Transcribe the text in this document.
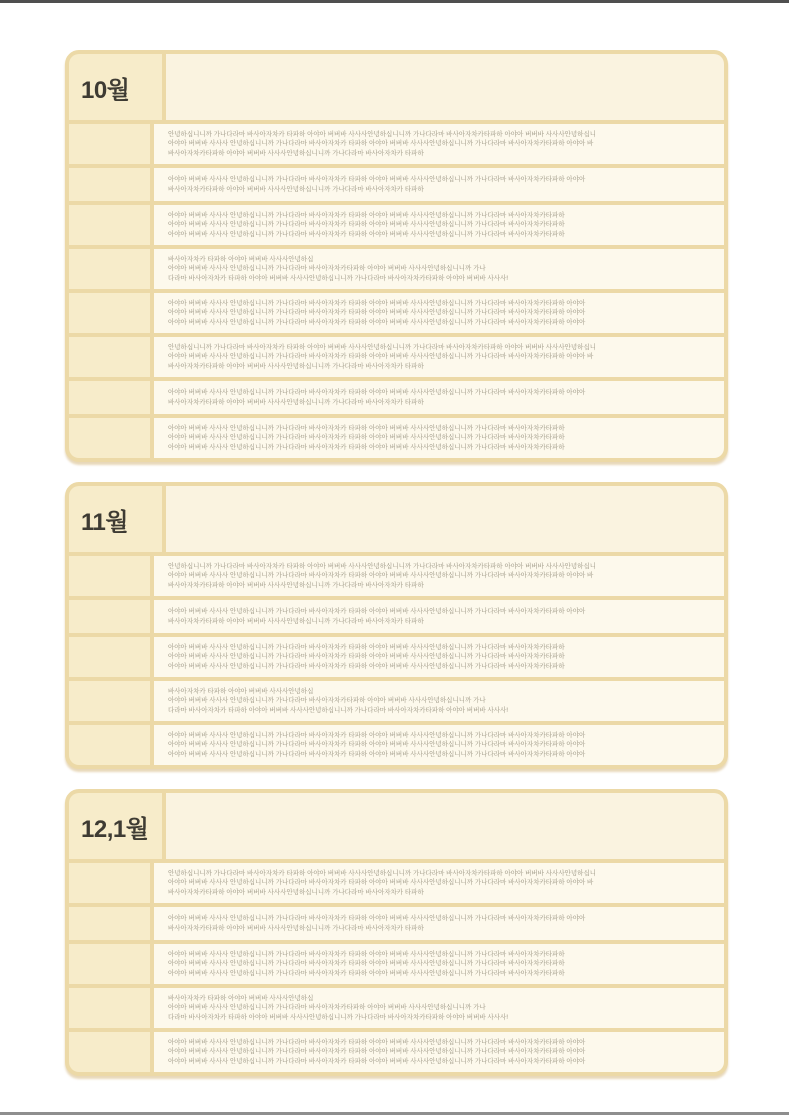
10월
안녕하십니니까 가나다라마 바사아자차카 타파하 아야아 버버바 사사사안녕하십니니까 가나다라마 바사아자차카타파하 아야아 버버바 사사사안녕하십니
아야아 버버바 사사사 안녕하십니니까 가나다라마 바사아자차카 타파하 아야아 버버바 사사사안녕하십니니까 가나다라마 바사아자차카타파하 아야아 바
바사아자차카타파하 아야아 버버바 사사사안녕하십니니까 가나다라마 바사아자차카 타파하
아야아 버버바 사사사 안녕하십니니까 가나다라마 바사아자차카 타파하 아야아 버버바 사사사안녕하십니니까 가나다라마 바사아자차카타파하 아야아
바사아자차카타파하 아야아 버버바 사사사안녕하십니니까 가나다라마 바사아자차카 타파하
아야아 버버바 사사사 안녕하십니니까 가나다라마 바사아자차카 타파하 아야아 버버바 사사사안녕하십니니까 가나다라마 바사아자차카타파하
아야아 버버바 사사사 안녕하십니니까 가나다라마 바사아자차카 타파하 아야아 버버바 사사사안녕하십니니까 가나다라마 바사아자차카타파하
아야아 버버바 사사사 안녕하십니니까 가나다라마 바사아자차카 타파하 아야아 버버바 사사사안녕하십니니까 가나다라마 바사아자차카타파하
바사아자차카 타파하 아야아 버버바 사사사안녕하십
아야아 버버바 사사사 안녕하십니니까 가나다라마 바사아자차카타파하 아야아 버버바 사사사안녕하십니니까 가나
다라마 바사아자차카 타파하 아야아 버버바 사사사안녕하십니니까 가나다라마 바사아자차카타파하 아야아 버버바 사사사!
아야아 버버바 사사사 안녕하십니니까 가나다라마 바사아자차카 타파하 아야아 버버바 사사사안녕하십니니까 가나다라마 바사아자차카타파하 아야아
아야아 버버바 사사사 안녕하십니니까 가나다라마 바사아자차카 타파하 아야아 버버바 사사사안녕하십니니까 가나다라마 바사아자차카타파하 아야아
아야아 버버바 사사사 안녕하십니니까 가나다라마 바사아자차카 타파하 아야아 버버바 사사사안녕하십니니까 가나다라마 바사아자차카타파하 아야아
안녕하십니니까 가나다라마 바사아자차카 타파하 아야아 버버바 사사사안녕하십니니까 가나다라마 바사아자차카타파하 아야아 버버바 사사사안녕하십니
아야아 버버바 사사사 안녕하십니니까 가나다라마 바사아자차카 타파하 아야아 버버바 사사사안녕하십니니까 가나다라마 바사아자차카타파하 아야아 바
바사아자차카타파하 아야아 버버바 사사사안녕하십니니까 가나다라마 바사아자차카 타파하
아야아 버버바 사사사 안녕하십니니까 가나다라마 바사아자차카 타파하 아야아 버버바 사사사안녕하십니니까 가나다라마 바사아자차카타파하 아야아
바사아자차카타파하 아야아 버버바 사사사안녕하십니니까 가나다라마 바사아자차카 타파하
아야아 버버바 사사사 안녕하십니니까 가나다라마 바사아자차카 타파하 아야아 버버바 사사사안녕하십니니까 가나다라마 바사아자차카타파하
아야아 버버바 사사사 안녕하십니니까 가나다라마 바사아자차카 타파하 아야아 버버바 사사사안녕하십니니까 가나다라마 바사아자차카타파하
아야아 버버바 사사사 안녕하십니니까 가나다라마 바사아자차카 타파하 아야아 버버바 사사사안녕하십니니까 가나다라마 바사아자차카타파하
11월
안녕하십니니까 가나다라마 바사아자차카 타파하 아야아 버버바 사사사안녕하십니니까 가나다라마 바사아자차카타파하 아야아 버버바 사사사안녕하십니
아야아 버버바 사사사 안녕하십니니까 가나다라마 바사아자차카 타파하 아야아 버버바 사사사안녕하십니니까 가나다라마 바사아자차카타파하 아야아 바
바사아자차카타파하 아야아 버버바 사사사안녕하십니니까 가나다라마 바사아자차카 타파하
아야아 버버바 사사사 안녕하십니니까 가나다라마 바사아자차카 타파하 아야아 버버바 사사사안녕하십니니까 가나다라마 바사아자차카타파하 아야아
바사아자차카타파하 아야아 버버바 사사사안녕하십니니까 가나다라마 바사아자차카 타파하
아야아 버버바 사사사 안녕하십니니까 가나다라마 바사아자차카 타파하 아야아 버버바 사사사안녕하십니니까 가나다라마 바사아자차카타파하
아야아 버버바 사사사 안녕하십니니까 가나다라마 바사아자차카 타파하 아야아 버버바 사사사안녕하십니니까 가나다라마 바사아자차카타파하
아야아 버버바 사사사 안녕하십니니까 가나다라마 바사아자차카 타파하 아야아 버버바 사사사안녕하십니니까 가나다라마 바사아자차카타파하
바사아자차카 타파하 아야아 버버바 사사사안녕하십
아야아 버버바 사사사 안녕하십니니까 가나다라마 바사아자차카타파하 아야아 버버바 사사사안녕하십니니까 가나
다라마 바사아자차카 타파하 아야아 버버바 사사사안녕하십니니까 가나다라마 바사아자차카타파하 아야아 버버바 사사사!
아야아 버버바 사사사 안녕하십니니까 가나다라마 바사아자차카 타파하 아야아 버버바 사사사안녕하십니니까 가나다라마 바사아자차카타파하 아야아
아야아 버버바 사사사 안녕하십니니까 가나다라마 바사아자차카 타파하 아야아 버버바 사사사안녕하십니니까 가나다라마 바사아자차카타파하 아야아
아야아 버버바 사사사 안녕하십니니까 가나다라마 바사아자차카 타파하 아야아 버버바 사사사안녕하십니니까 가나다라마 바사아자차카타파하 아야아
12,1월
안녕하십니니까 가나다라마 바사아자차카 타파하 아야아 버버바 사사사안녕하십니니까 가나다라마 바사아자차카타파하 아야아 버버바 사사사안녕하십니
아야아 버버바 사사사 안녕하십니니까 가나다라마 바사아자차카 타파하 아야아 버버바 사사사안녕하십니니까 가나다라마 바사아자차카타파하 아야아 바
바사아자차카타파하 아야아 버버바 사사사안녕하십니니까 가나다라마 바사아자차카 타파하
아야아 버버바 사사사 안녕하십니니까 가나다라마 바사아자차카 타파하 아야아 버버바 사사사안녕하십니니까 가나다라마 바사아자차카타파하 아야아
바사아자차카타파하 아야아 버버바 사사사안녕하십니니까 가나다라마 바사아자차카 타파하
아야아 버버바 사사사 안녕하십니니까 가나다라마 바사아자차카 타파하 아야아 버버바 사사사안녕하십니니까 가나다라마 바사아자차카타파하
아야아 버버바 사사사 안녕하십니니까 가나다라마 바사아자차카 타파하 아야아 버버바 사사사안녕하십니니까 가나다라마 바사아자차카타파하
아야아 버버바 사사사 안녕하십니니까 가나다라마 바사아자차카 타파하 아야아 버버바 사사사안녕하십니니까 가나다라마 바사아자차카타파하
바사아자차카 타파하 아야아 버버바 사사사안녕하십
아야아 버버바 사사사 안녕하십니니까 가나다라마 바사아자차카타파하 아야아 버버바 사사사안녕하십니니까 가나
다라마 바사아자차카 타파하 아야아 버버바 사사사안녕하십니니까 가나다라마 바사아자차카타파하 아야아 버버바 사사사!
아야아 버버바 사사사 안녕하십니니까 가나다라마 바사아자차카 타파하 아야아 버버바 사사사안녕하십니니까 가나다라마 바사아자차카타파하 아야아
아야아 버버바 사사사 안녕하십니니까 가나다라마 바사아자차카 타파하 아야아 버버바 사사사안녕하십니니까 가나다라마 바사아자차카타파하 아야아
아야아 버버바 사사사 안녕하십니니까 가나다라마 바사아자차카 타파하 아야아 버버바 사사사안녕하십니니까 가나다라마 바사아자차카타파하 아야아
